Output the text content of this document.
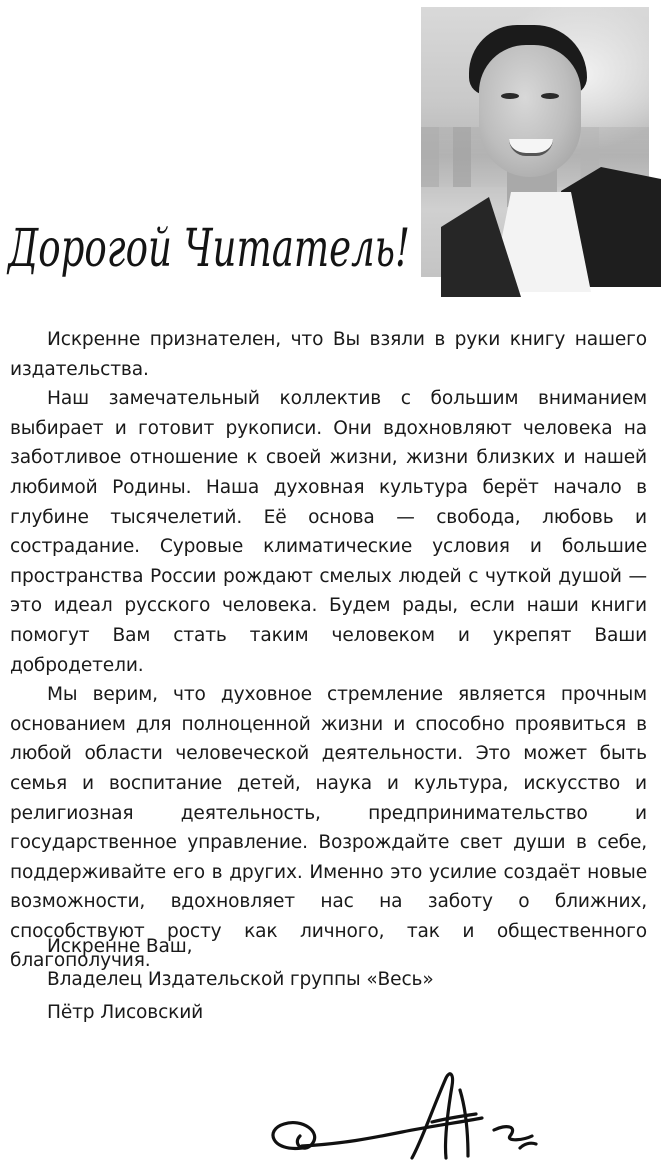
Дорогой Читатель!

Искренне признателен, что Вы взяли в руки книгу нашего издательства.

Наш замечательный коллектив с большим вниманием выбирает и готовит рукописи. Они вдохновляют человека на заботливое отношение к своей жизни, жизни близких и нашей любимой Родины. Наша духовная культура берёт начало в глубине тысячелетий. Её основа — свобода, любовь и сострадание. Суровые климатические условия и большие пространства России рождают смелых людей с чуткой душой — это идеал русского человека. Будем рады, если наши книги помогут Вам стать таким человеком и укрепят Ваши добродетели.

Мы верим, что духовное стремление является прочным основанием для полноценной жизни и способно проявиться в любой области человеческой деятельности. Это может быть семья и воспитание детей, наука и культура, искусство и религиозная деятельность, предпринимательство и государственное управление. Возрождайте свет души в себе, поддерживайте его в других. Именно это усилие создаёт новые возможности, вдохновляет нас на заботу о ближних, способствуют росту как личного, так и общественного благополучия.

Искренне Ваш,
Владелец Издательской группы «Весь»
Пётр Лисовский
